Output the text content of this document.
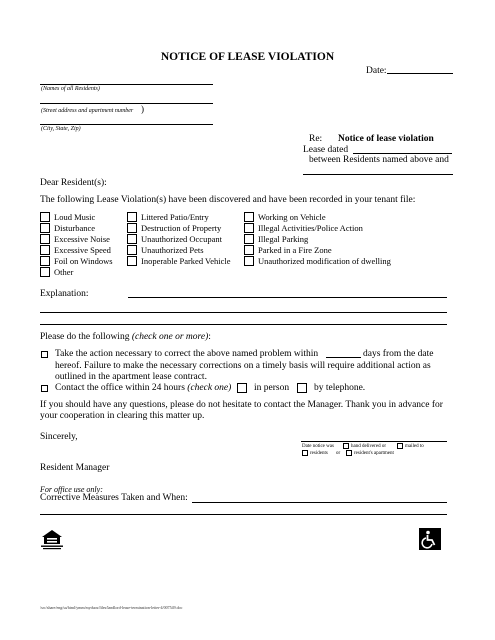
NOTICE OF LEASE VIOLATION
Date:
(Names of all Residents)
(Street address and apartment number )
(City, State, Zip)
Re: Notice of lease violation
Lease dated
between Residents named above and
Dear Resident(s):
The following Lease Violation(s) have been discovered and have been recorded in your tenant file:
Loud Music
Disturbance
Excessive Noise
Excessive Speed
Foil on Windows
Other
Littered Patio/Entry
Destruction of Property
Unauthorized Occupant
Unauthorized Pets
Inoperable Parked Vehicle
Working on Vehicle
Illegal Activities/Police Action
Illegal Parking
Parked in a Fire Zone
Unauthorized modification of dwelling
Explanation:
Please do the following (check one or more):
Take the action necessary to correct the above named problem within	days from the date
hereof. Failure to make the necessary corrections on a timely basis will require additional action as
outlined in the apartment lease contract.
Contact the office within 24 hours (check one) in person	by telephone.
If you should have any questions, please do not hesitate to contact the Manager. Thank you in advance for
your cooperation in clearing this matter up.
Sincerely,
Date notice was	hand delivered or	mailed to
residents or	resident's apartment
Resident Manager
For office use only:
Corrective Measures Taken and When:
/src/share/eng/sa/html/ymm/myduos/files/landlord-lease-termination-letter-4/007549.doc
